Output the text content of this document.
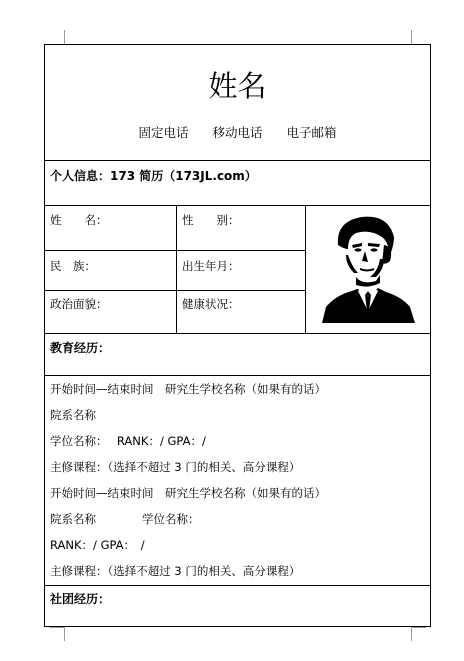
姓名
固定电话 移动电话 电子邮箱
个人信息：173 简历（173JL.com）
姓　　名：	性　　别：
民　族：	出生年月：
政治面貌：	健康状况：
教育经历：
开始时间—结束时间　研究生学校名称（如果有的话）
院系名称
学位名称：　 RANK：/ GPA：/
主修课程：（选择不超过 3 门的相关、高分课程）
开始时间—结束时间　研究生学校名称（如果有的话）
院系名称　　　　学位名称：
RANK：/ GPA：　/
主修课程：（选择不超过 3 门的相关、高分课程）
社团经历：
